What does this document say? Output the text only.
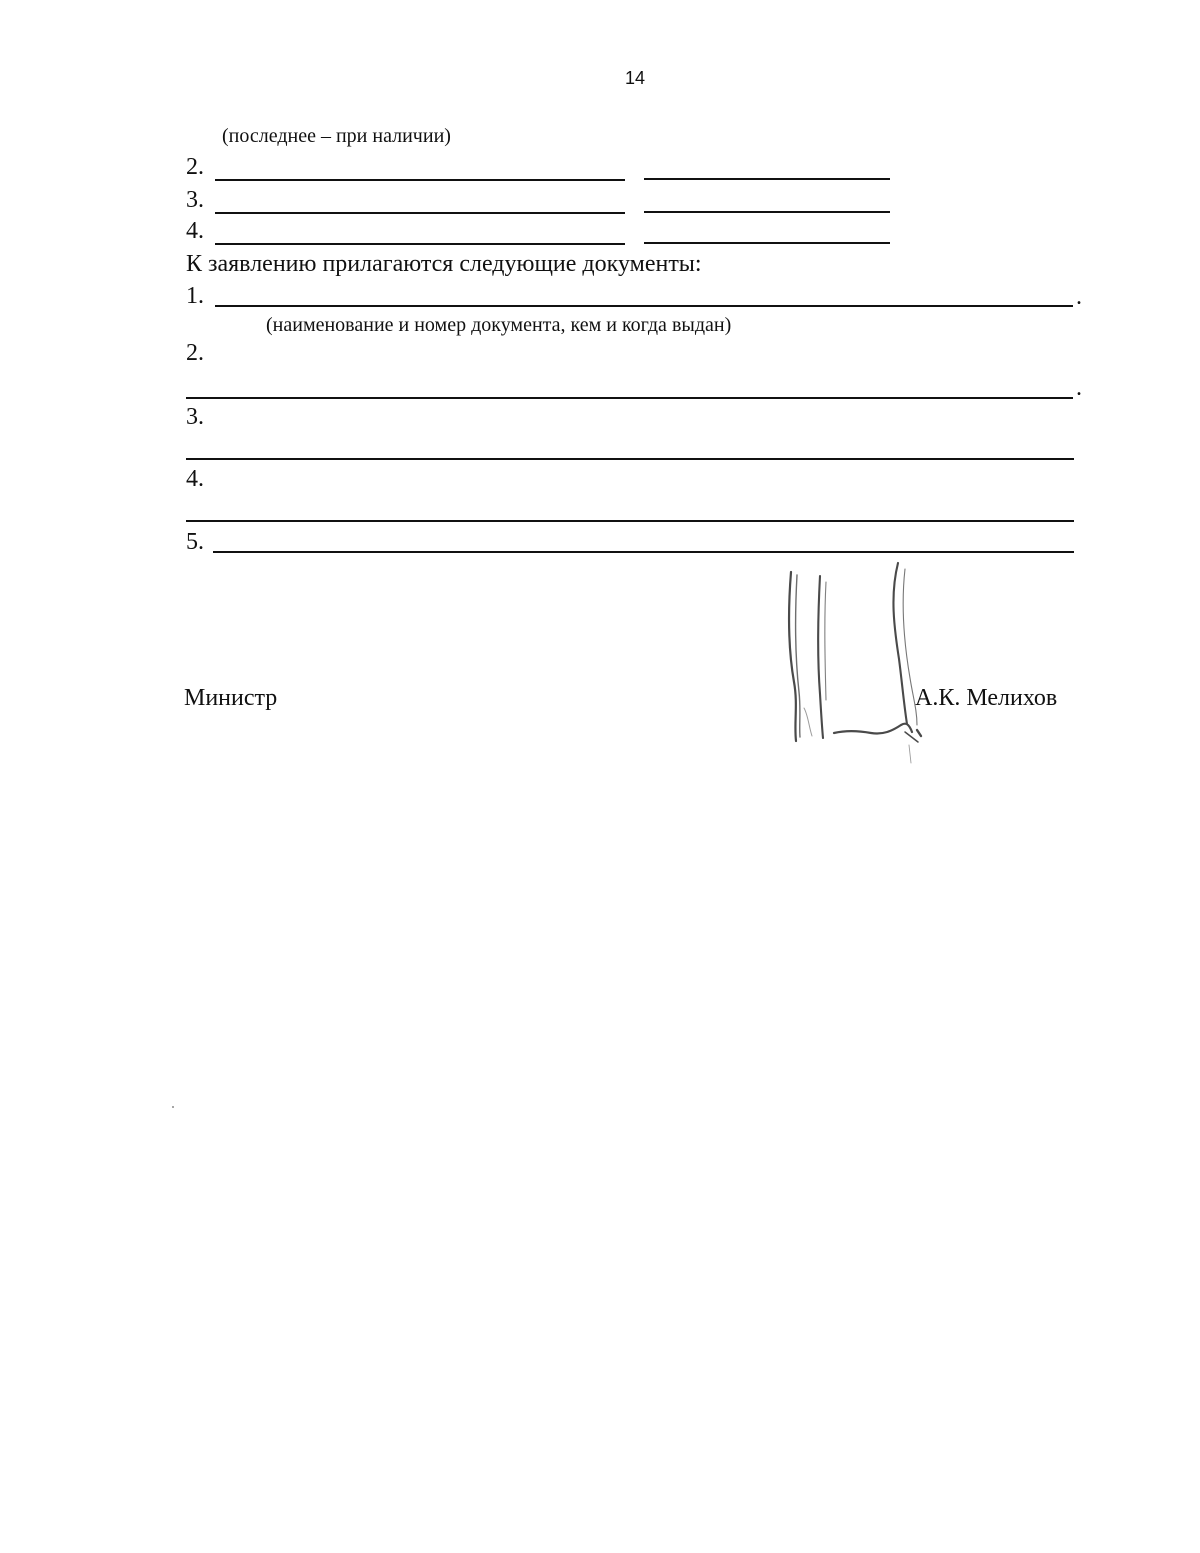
14
(последнее – при наличии)
2.
3.
4.
К заявлению прилагаются следующие документы:
1.	.
(наименование и номер документа, кем и когда выдан)
2.
.
3.
4.
5.
Министр	А.К. Мелихов
